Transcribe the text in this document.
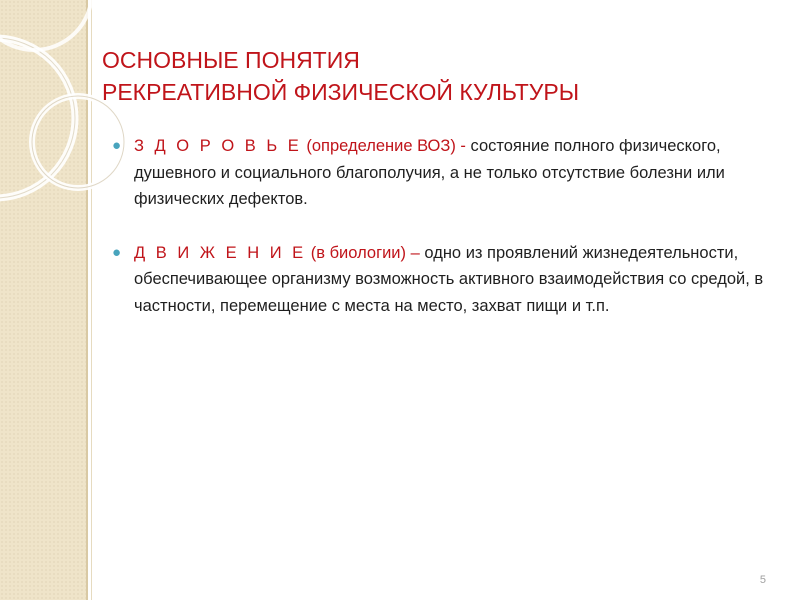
ОСНОВНЫЕ ПОНЯТИЯ
РЕКРЕАТИВНОЙ ФИЗИЧЕСКОЙ КУЛЬТУРЫ
● З Д О Р О В Ь Е (определение ВОЗ) - состояние полного физического, душевного и социального благополучия, а не только отсутствие болезни или физических дефектов.
● Д В И Ж Е Н И Е (в биологии) – одно из проявлений жизнедеятельности, обеспечивающее организму возможность активного взаимодействия со средой, в частности, перемещение с места на место, захват пищи и т.п.
5
